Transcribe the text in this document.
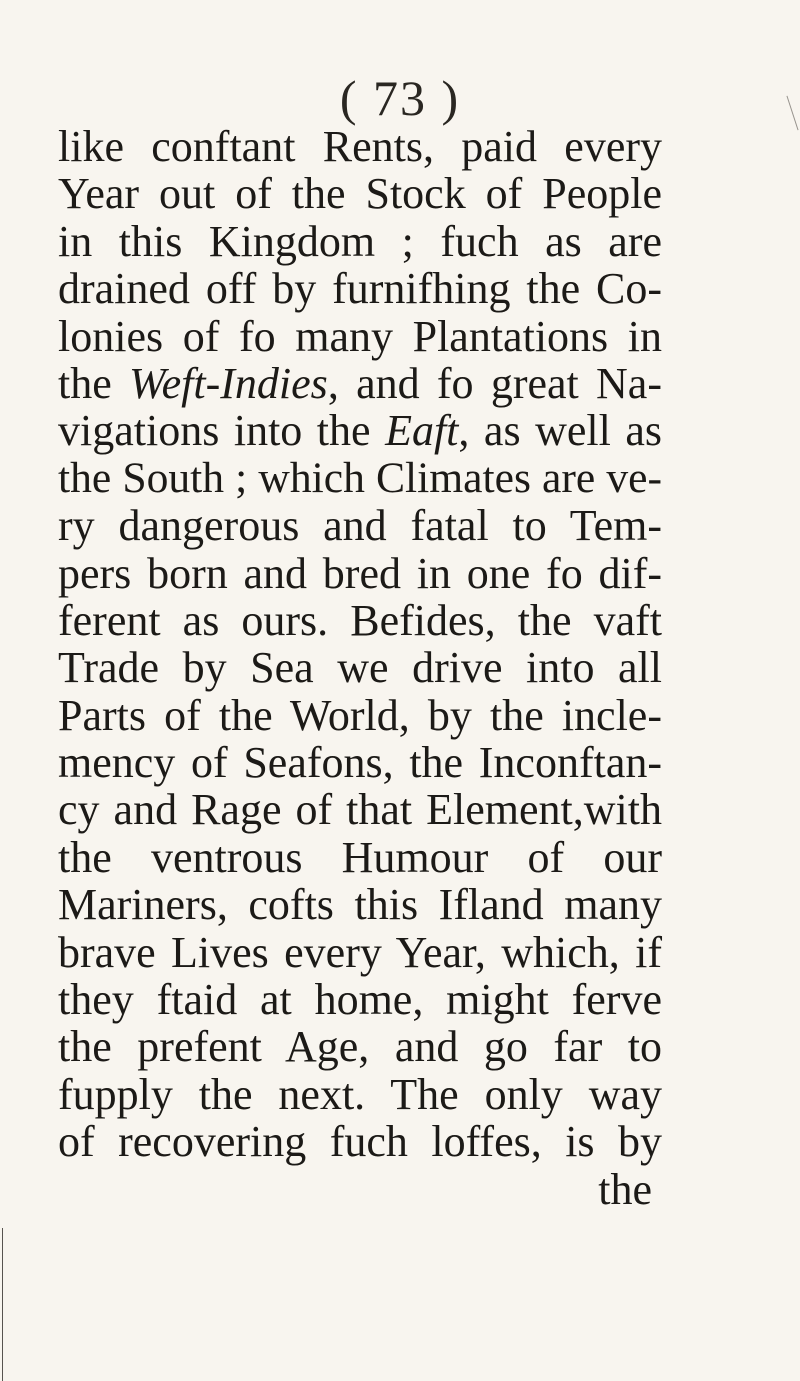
( 73 )
like conftant Rents, paid every
Year out of the Stock of People
in this Kingdom ; fuch as are
drained off by furnifhing the Co-
lonies of fo many Plantations in
the Weft-Indies, and fo great Na-
vigations into the Eaft, as well as
the South ; which Climates are ve-
ry dangerous and fatal to Tem-
pers born and bred in one fo dif-
ferent as ours. Befides, the vaft
Trade by Sea we drive into all
Parts of the World, by the incle-
mency of Seafons, the Inconftan-
cy and Rage of that Element,with
the ventrous Humour of our
Mariners, cofts this Ifland many
brave Lives every Year, which, if
they ftaid at home, might ferve
the prefent Age, and go far to
fupply the next. The only way
of recovering fuch loffes, is by
the
